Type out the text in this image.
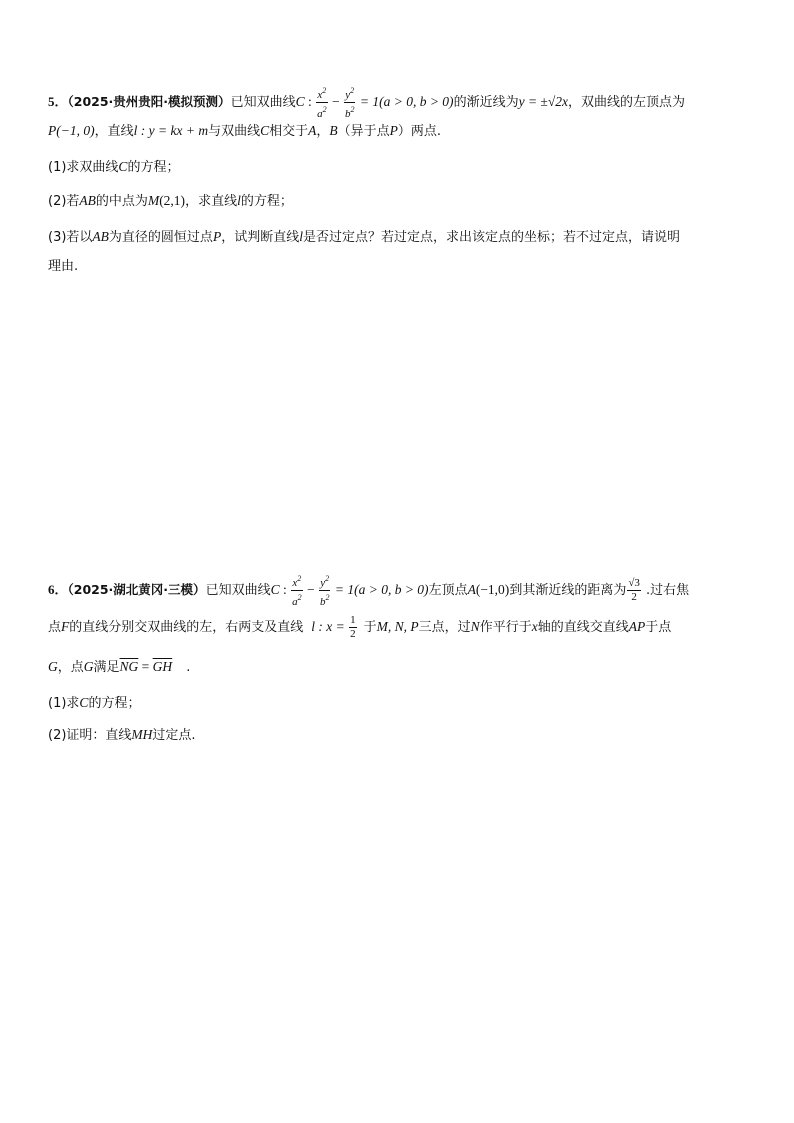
5．（2025·贵州贵阳·模拟预测）已知双曲线C : $\frac{x^2}{a^2} - \frac{y^2}{b^2} = 1(a > 0$, b > 0)的渐近线为y = ±√2x，双曲线的左顶点为
P(−1, 0)，直线l : y = kx + m与双曲线C相交于A，B（异于点P）两点.
(1)求双曲线C的方程；
(2)若AB的中点为M(2,1)，求直线l的方程；
(3)若以AB为直径的圆恒过点P，试判断直线l是否过定点？若过定点，求出该定点的坐标；若不过定点，请说明
理由.
6．（2025·湖北黄冈·三模）已知双曲线C : $\frac{x^2}{a^2} - \frac{y^2}{b^2} = 1(a > 0$, b > 0)左顶点A(−1,0)到其渐近线的距离为 $\frac{√3}{2}$ .过右焦
点F的直线分别交双曲线的左，右两支及直线 l : $x = \frac{1}{2}$ 于M, N, P三点，过N作平行于x轴的直线交直线AP于点
G，点G满足$\overline{NG} = \overline{GH}$ .
(1)求C的方程；
(2)证明：直线MH过定点.
